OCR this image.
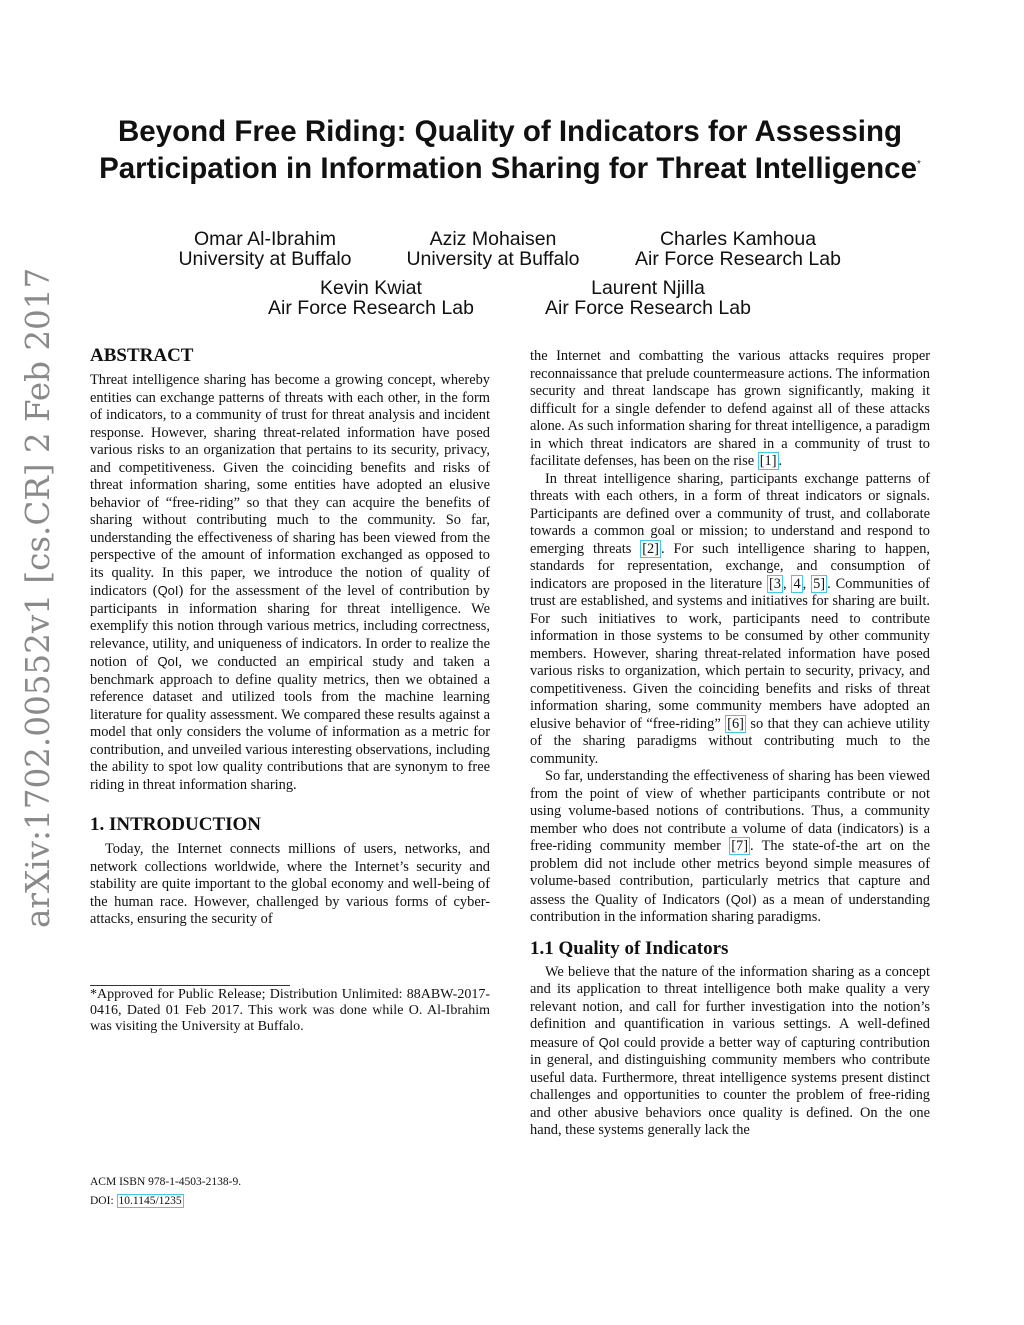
arXiv:1702.00552v1 [cs.CR] 2 Feb 2017
Beyond Free Riding: Quality of Indicators for Assessing
Participation in Information Sharing for Threat Intelligence*
Omar Al-Ibrahim
University at Buffalo
Aziz Mohaisen
University at Buffalo
Charles Kamhoua
Air Force Research Lab
Kevin Kwiat
Air Force Research Lab
Laurent Njilla
Air Force Research Lab
ABSTRACT

Threat intelligence sharing has become a growing concept, whereby entities can exchange patterns of threats with each other, in the form of indicators, to a community of trust for threat analysis and incident response. However, sharing threat-related information have posed various risks to an organization that pertains to its security, privacy, and competitiveness. Given the coinciding benefits and risks of threat information sharing, some entities have adopted an elusive behavior of “free-riding” so that they can acquire the benefits of sharing without contributing much to the community. So far, understanding the effectiveness of sharing has been viewed from the perspective of the amount of information exchanged as opposed to its quality. In this paper, we introduce the notion of quality of indicators (QoI) for the assessment of the level of contribution by participants in information sharing for threat intelligence. We exemplify this notion through various metrics, including correctness, relevance, utility, and uniqueness of indicators. In order to realize the notion of QoI, we conducted an empirical study and taken a benchmark approach to define quality metrics, then we obtained a reference dataset and utilized tools from the machine learning literature for quality assessment. We compared these results against a model that only considers the volume of information as a metric for contribution, and unveiled various interesting observations, including the ability to spot low quality contributions that are synonym to free riding in threat information sharing.

1. INTRODUCTION

Today, the Internet connects millions of users, networks, and network collections worldwide, where the Internet’s security and stability are quite important to the global economy and well-being of the human race. However, challenged by various forms of cyber-attacks, ensuring the security of

*Approved for Public Release; Distribution Unlimited: 88ABW-2017-0416, Dated 01 Feb 2017. This work was done while O. Al-Ibrahim was visiting the University at Buffalo.
ACM ISBN 978-1-4503-2138-9.
DOI: 10.1145/1235

the Internet and combatting the various attacks requires proper reconnaissance that prelude countermeasure actions. The information security and threat landscape has grown significantly, making it difficult for a single defender to defend against all of these attacks alone. As such information sharing for threat intelligence, a paradigm in which threat indicators are shared in a community of trust to facilitate defenses, has been on the rise [1] .

In threat intelligence sharing, participants exchange patterns of threats with each others, in a form of threat indicators or signals. Participants are defined over a community of trust, and collaborate towards a common goal or mission; to understand and respond to emerging threats [2] . For such intelligence sharing to happen, standards for representation, exchange, and consumption of indicators are proposed in the literature [3 , 4 , 5] . Communities of trust are established, and systems and initiatives for sharing are built. For such initiatives to work, participants need to contribute information in those systems to be consumed by other community members. However, sharing threat-related information have posed various risks to organization, which pertain to security, privacy, and competitiveness. Given the coinciding benefits and risks of threat information sharing, some community members have adopted an elusive behavior of “free-riding” [6] so that they can achieve utility of the sharing paradigms without contributing much to the community.

So far, understanding the effectiveness of sharing has been viewed from the point of view of whether participants contribute or not using volume-based notions of contributions. Thus, a community member who does not contribute a volume of data (indicators) is a free-riding community member [7] . The state-of-the art on the problem did not include other metrics beyond simple measures of volume-based contribution, particularly metrics that capture and assess the Quality of Indicators (QoI) as a mean of understanding contribution in the information sharing paradigms.

1.1 Quality of Indicators

We believe that the nature of the information sharing as a concept and its application to threat intelligence both make quality a very relevant notion, and call for further investigation into the notion’s definition and quantification in various settings. A well-defined measure of QoI could provide a better way of capturing contribution in general, and distinguishing community members who contribute useful data. Furthermore, threat intelligence systems present distinct challenges and opportunities to counter the problem of free-riding and other abusive behaviors once quality is defined. On the one hand, these systems generally lack the
